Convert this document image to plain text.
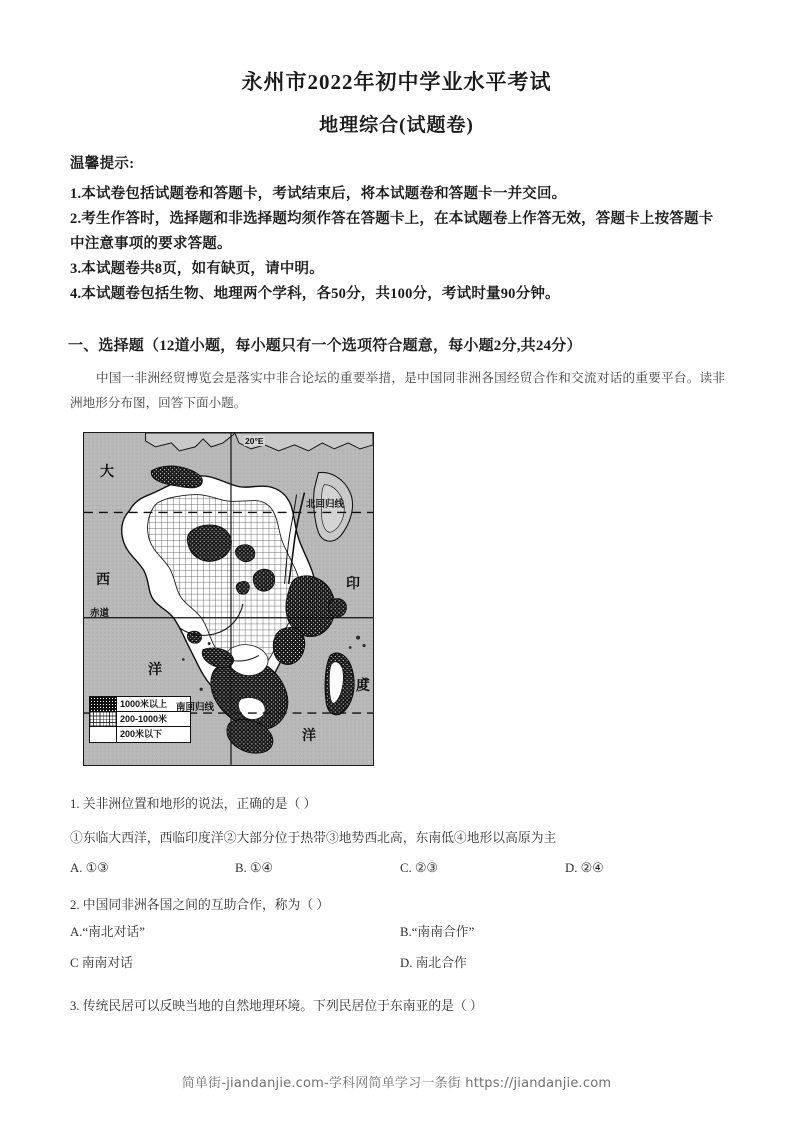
永州市2022年初中学业水平考试
地理综合(试题卷)

温馨提示:

1.本试卷包括试题卷和答题卡，考试结束后，将本试题卷和答题卡一并交回。

2.考生作答时，选择题和非选择题均须作答在答题卡上，在本试题卷上作答无效，答题卡上按答题卡中注意事项的要求答题。

3.本试题卷共8页，如有缺页，请中明。

4.本试题卷包括生物、地理两个学科，各50分，共100分，考试时量90分钟。

一、选择题（12道小题，每小题只有一个选项符合题意，每小题2分,共24分）
中国一非洲经贸博览会是落实中非合论坛的重要举措，是中国同非洲各国经贸合作和交流对话的重要平台。读非洲地形分布图，回答下面小题。
20°E
北回归线
赤道
南回归线
大
西
洋
印
度
洋
1000米以上
200-1000米
200米以下
1. 关非洲位置和地形的说法，正确的是（ ）
①东临大西洋，西临印度洋②大部分位于热带③地势西北高，东南低④地形以高原为主
A. ①③	B. ①④	C. ②③	D. ②④
2. 中国同非洲各国之间的互助合作，称为（ ）
A.“南北对话”	B.“南南合作”
C 南南对话	D. 南北合作
3. 传统民居可以反映当地的自然地理环境。下列民居位于东南亚的是（ ）
简单街-jiandanjie.com-学科网简单学习一条街 https://jiandanjie.com
